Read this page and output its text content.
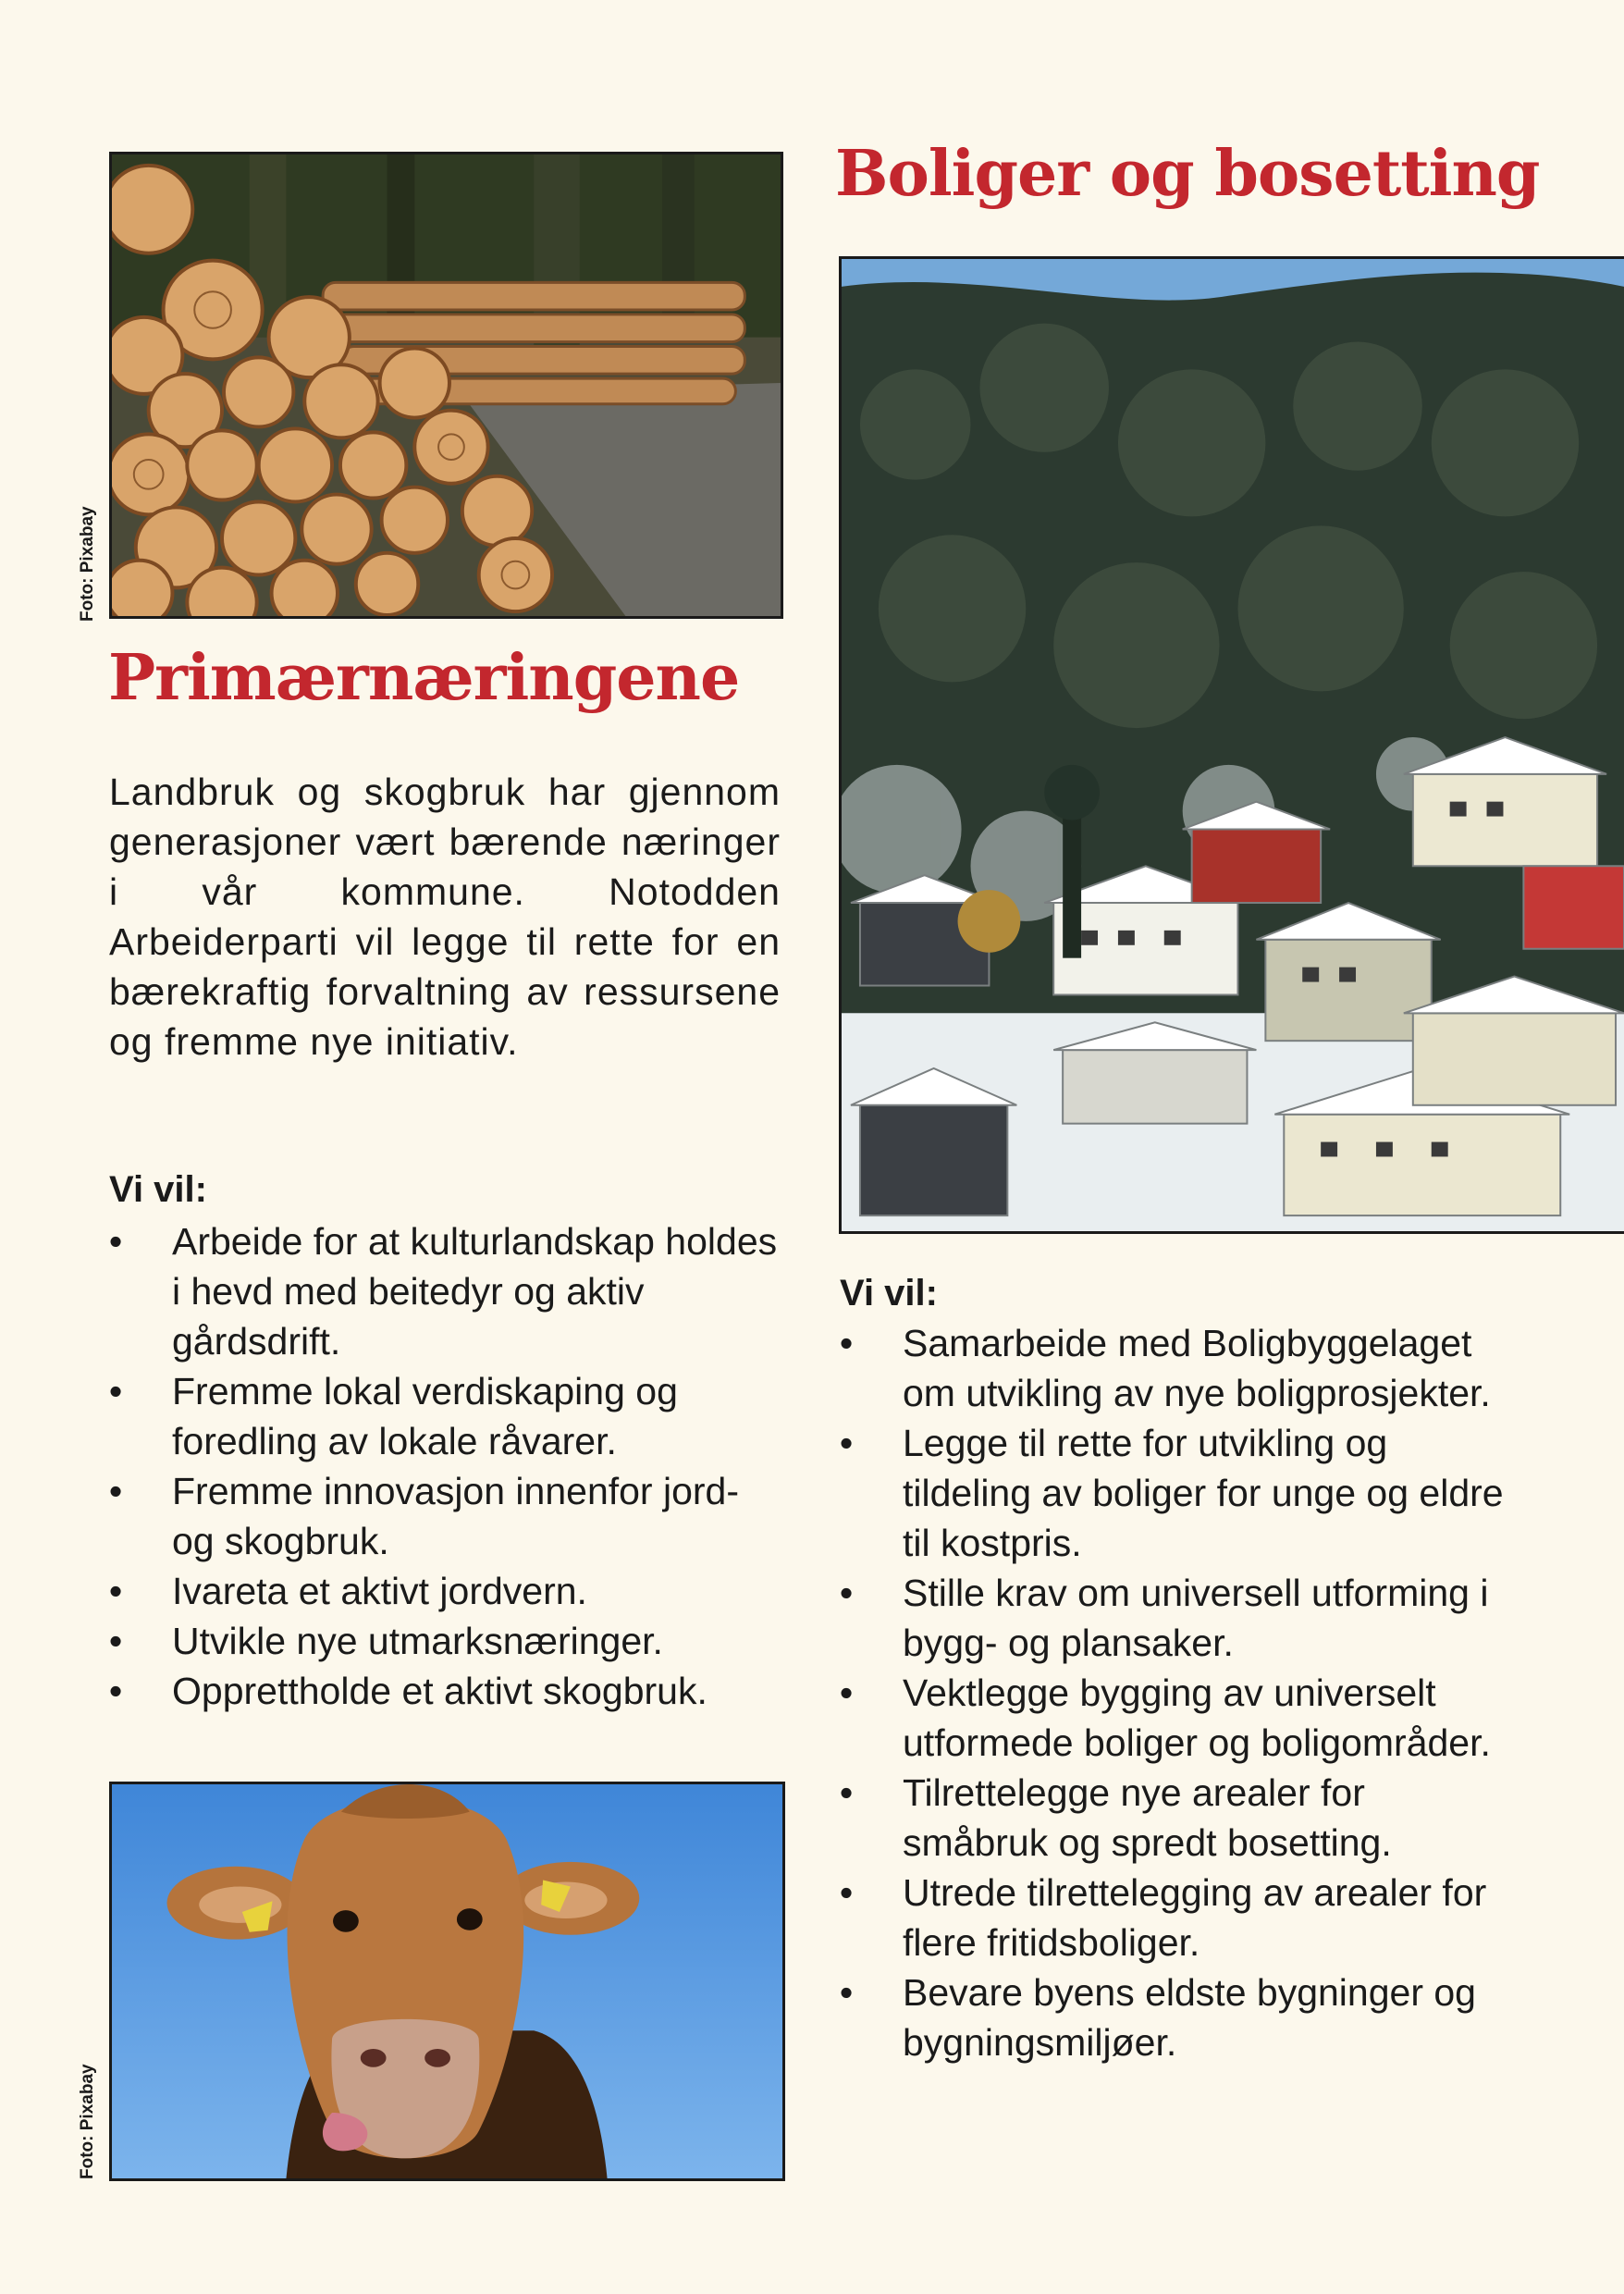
Foto: Pixabay
Primærnæringene

Landbruk og skogbruk har gjennom generasjoner vært bærende næringer i vår kommune. Notodden Arbeiderparti vil legge til rette for en bærekraftig forvaltning av ressursene og fremme nye initiativ.

Vi vil:
• Arbeide for at kulturlandskap holdes i hevd med beitedyr og aktiv gårdsdrift.
• Fremme lokal verdiskaping og foredling av lokale råvarer.
• Fremme innovasjon innenfor jord- og skogbruk.
• Ivareta et aktivt jordvern.
• Utvikle nye utmarksnæringer.
• Opprettholde et aktivt skogbruk.
Foto: Pixabay
Boliger og bosetting
Vi vil:
• Samarbeide med Boligbyggelaget om utvikling av nye boligprosjekter.
• Legge til rette for utvikling og tildeling av boliger for unge og eldre til kostpris.
• Stille krav om universell utforming i bygg- og plansaker.
• Vektlegge bygging av universelt utformede boliger og boligområder.
• Tilrettelegge nye arealer for småbruk og spredt bosetting.
• Utrede tilrettelegging av arealer for flere fritidsboliger.
• Bevare byens eldste bygninger og bygningsmiljøer.
